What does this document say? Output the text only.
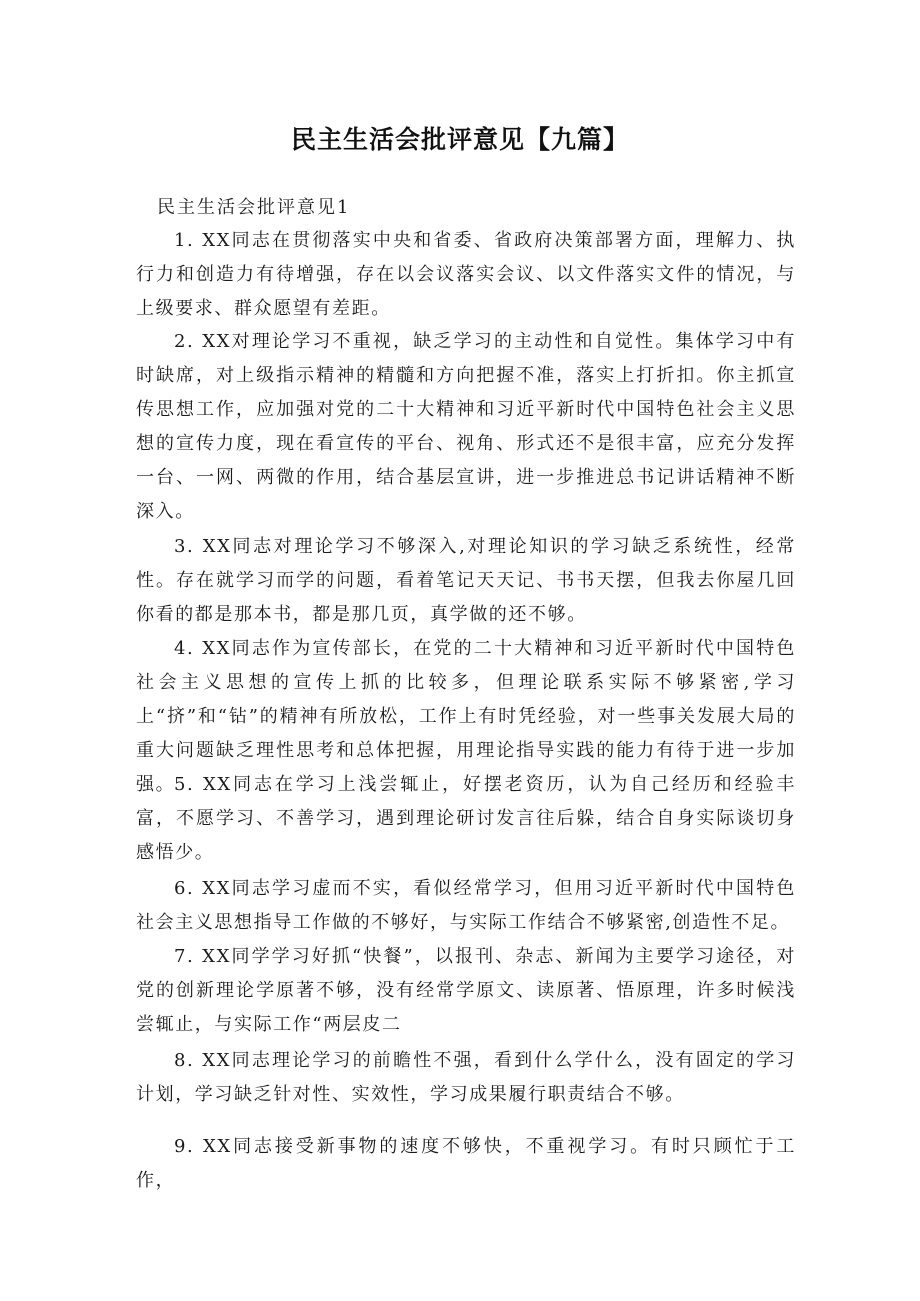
民主生活会批评意见【九篇】
民主生活会批评意见1

1. XX同志在贯彻落实中央和省委、省政府决策部署方面，理解力、执行力和创造力有待增强，存在以会议落实会议、以文件落实文件的情况，与上级要求、群众愿望有差距。

2. XX对理论学习不重视，缺乏学习的主动性和自觉性。集体学习中有时缺席，对上级指示精神的精髓和方向把握不准，落实上打折扣。你主抓宣传思想工作，应加强对党的二十大精神和习近平新时代中国特色社会主义思想的宣传力度，现在看宣传的平台、视角、形式还不是很丰富，应充分发挥一台、一网、两微的作用，结合基层宣讲，进一步推进总书记讲话精神不断深入。

3. XX同志对理论学习不够深入,对理论知识的学习缺乏系统性，经常性。存在就学习而学的问题，看着笔记天天记、书书天摆，但我去你屋几回你看的都是那本书，都是那几页，真学做的还不够。

4. XX同志作为宣传部长，在党的二十大精神和习近平新时代中国特色社会主义思想的宣传上抓的比较多，但理论联系实际不够紧密,学习上“挤”和“钻”的精神有所放松，工作上有时凭经验，对一些事关发展大局的重大问题缺乏理性思考和总体把握，用理论指导实践的能力有待于进一步加强。

5. XX同志在学习上浅尝辄止，好摆老资历，认为自己经历和经验丰富，不愿学习、不善学习，遇到理论研讨发言往后躲，结合自身实际谈切身感悟少。

6. XX同志学习虚而不实，看似经常学习，但用习近平新时代中国特色社会主义思想指导工作做的不够好，与实际工作结合不够紧密,创造性不足。

7. XX同学学习好抓“快餐”，以报刊、杂志、新闻为主要学习途径，对党的创新理论学原著不够，没有经常学原文、读原著、悟原理，许多时候浅尝辄止，与实际工作“两层皮二

8. XX同志理论学习的前瞻性不强，看到什么学什么，没有固定的学习计划，学习缺乏针对性、实效性，学习成果履行职责结合不够。

9. XX同志接受新事物的速度不够快，不重视学习。有时只顾忙于工作，
